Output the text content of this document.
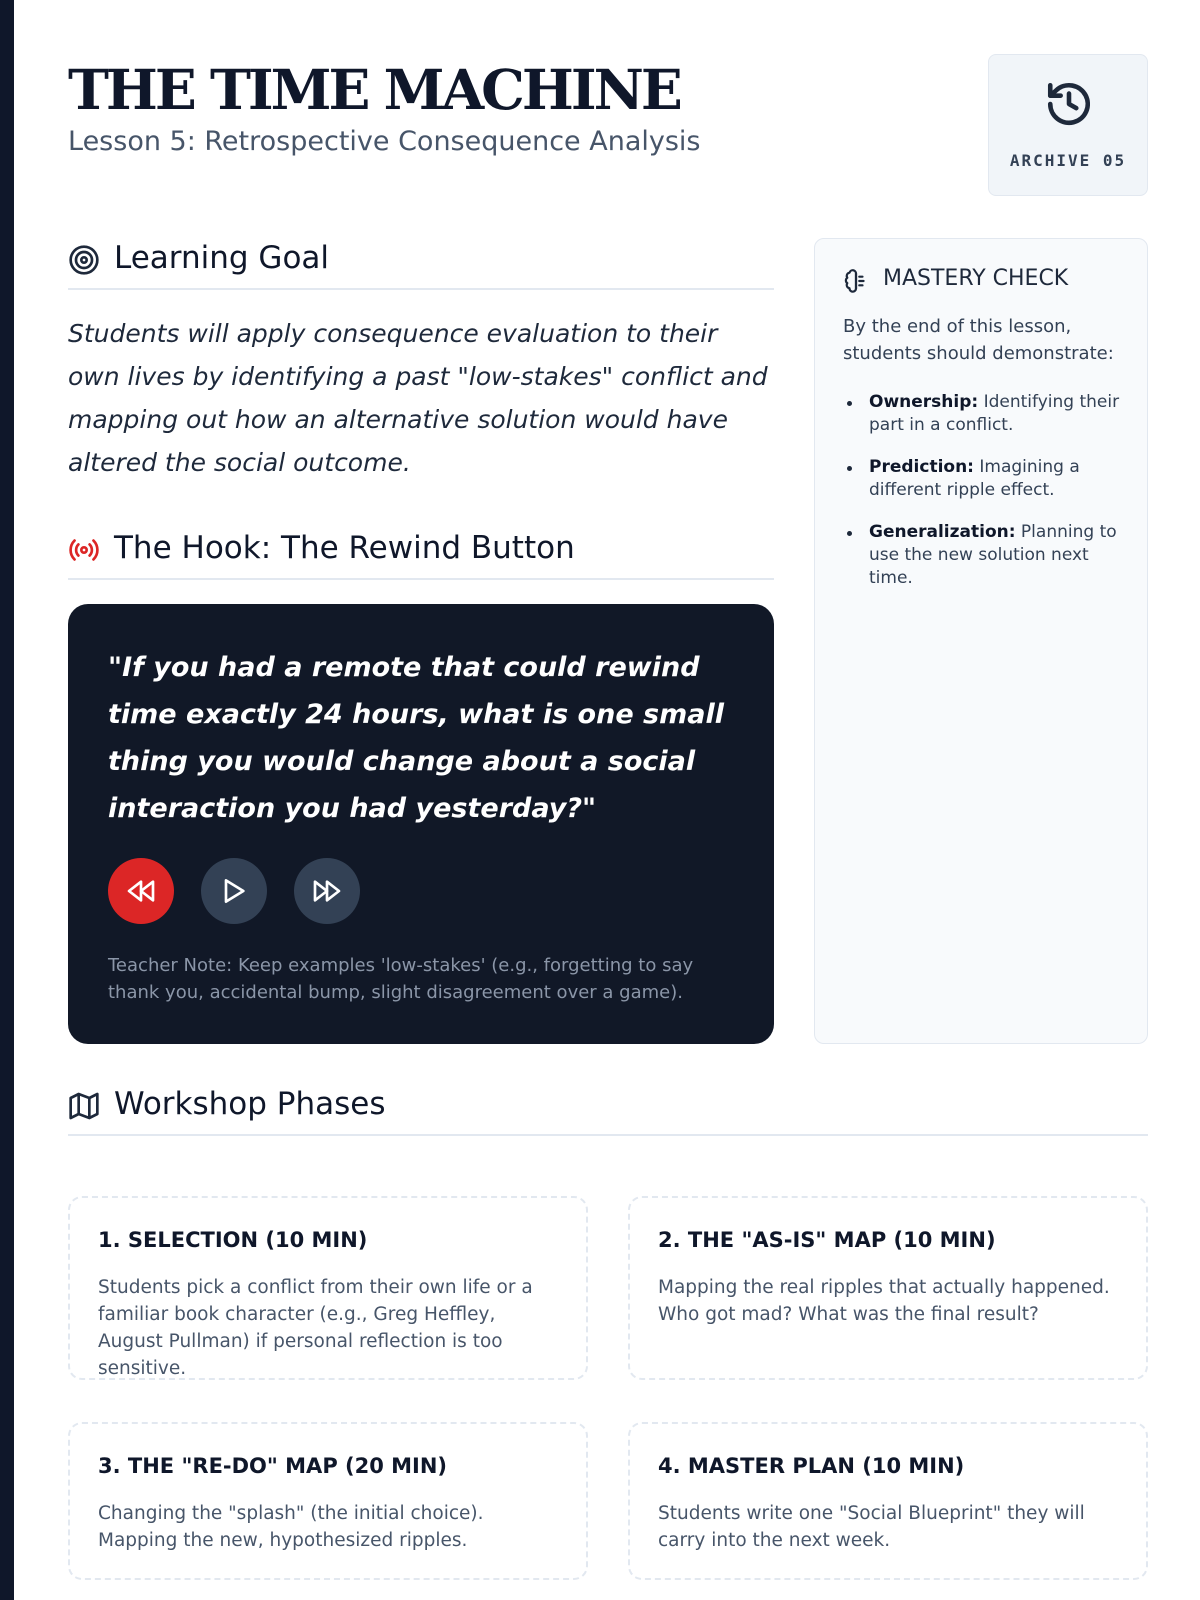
THE TIME MACHINE
Lesson 5: Retrospective Consequence Analysis
ARCHIVE 05
Learning Goal

Students will apply consequence evaluation to their own lives by identifying a past "low-stakes" conflict and mapping out how an alternative solution would have altered the social outcome.

The Hook: The Rewind Button

"If you had a remote that could rewind time exactly 24 hours, what is one small thing you would change about a social interaction you had yesterday?"

Teacher Note: Keep examples 'low-stakes' (e.g., forgetting to say thank you, accidental bump, slight disagreement over a game).

MASTERY CHECK

By the end of this lesson, students should demonstrate:

Ownership: Identifying their part in a conflict.
Prediction: Imagining a different ripple effect.
Generalization: Planning to use the new solution next time.
Workshop Phases
1. SELECTION (10 MIN)

Students pick a conflict from their own life or a familiar book character (e.g., Greg Heffley, August Pullman) if personal reflection is too sensitive.

2. THE "AS-IS" MAP (10 MIN)

Mapping the real ripples that actually happened. Who got mad? What was the final result?

3. THE "RE-DO" MAP (20 MIN)

Changing the "splash" (the initial choice). Mapping the new, hypothesized ripples.

4. MASTER PLAN (10 MIN)

Students write one "Social Blueprint" they will carry into the next week.
